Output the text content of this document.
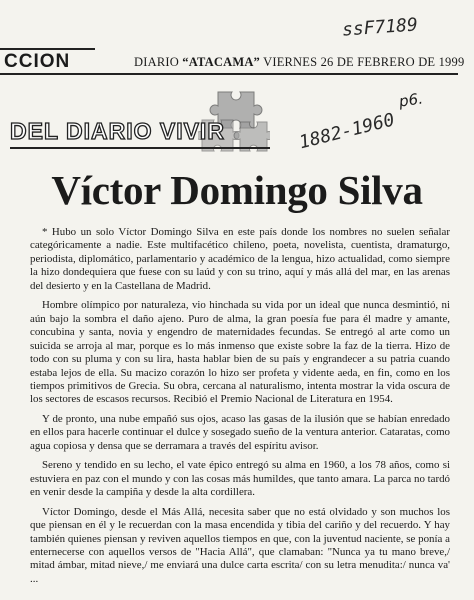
CCION	DIARIO “ATACAMA” VIERNES 26 DE FEBRERO DE 1999
ssF7189
p6.
DEL DIARIO VIVIR	1882-1960
Víctor Domingo Silva

* Hubo un solo Víctor Domingo Silva en este país donde los nombres no suelen señalar categóricamente a nadie. Este multifacético chileno, poeta, novelista, cuentista, dramaturgo, periodista, diplomático, parlamentario y académico de la lengua, hizo actualidad, como siempre la hizo dondequiera que fuese con su laúd y con su trino, aquí y más allá del mar, en las arenas del desierto y en la Castellana de Madrid.

Hombre olímpico por naturaleza, vio hinchada su vida por un ideal que nunca desmintió, ni aún bajo la sombra el daño ajeno. Puro de alma, la gran poesía fue para él madre y amante, concubina y santa, novia y engendro de maternidades fecundas. Se entregó al arte como un suicida se arroja al mar, porque es lo más inmenso que existe sobre la faz de la tierra. Hizo de todo con su pluma y con su lira, hasta hablar bien de su país y engrandecer a su patria cuando estaba lejos de ella. Su macizo corazón lo hizo ser profeta y vidente aeda, en fin, como en los tiempos primitivos de Grecia. Su obra, cercana al naturalismo, intenta mostrar la vida oscura de los sectores de escasos recursos. Recibió el Premio Nacional de Literatura en 1954.

Y de pronto, una nube empañó sus ojos, acaso las gasas de la ilusión que se habían enredado en ellos para hacerle continuar el dulce y sosegado sueño de la ventura anterior. Cataratas, como agua copiosa y densa que se derramara a través del espíritu avisor.

Sereno y tendido en su lecho, el vate épico entregó su alma en 1960, a los 78 años, como si estuviera en paz con el mundo y con las cosas más humildes, que tanto amara. La parca no tardó en venir desde la campiña y desde la alta cordillera.

Víctor Domingo, desde el Más Allá, necesita saber que no está olvidado y son muchos los que piensan en él y le recuerdan con la masa encendida y tibia del cariño y del recuerdo. Y hay también quienes piensan y reviven aquellos tiempos en que, con la juventud naciente, se ponía a enternecerse con aquellos versos de "Hacia Allá", que clamaban: "Nunca ya tu mano breve,/ mitad ámbar, mitad nieve,/ me enviará una dulce carta escrita/ con su letra menudita:/ nunca va' ...
